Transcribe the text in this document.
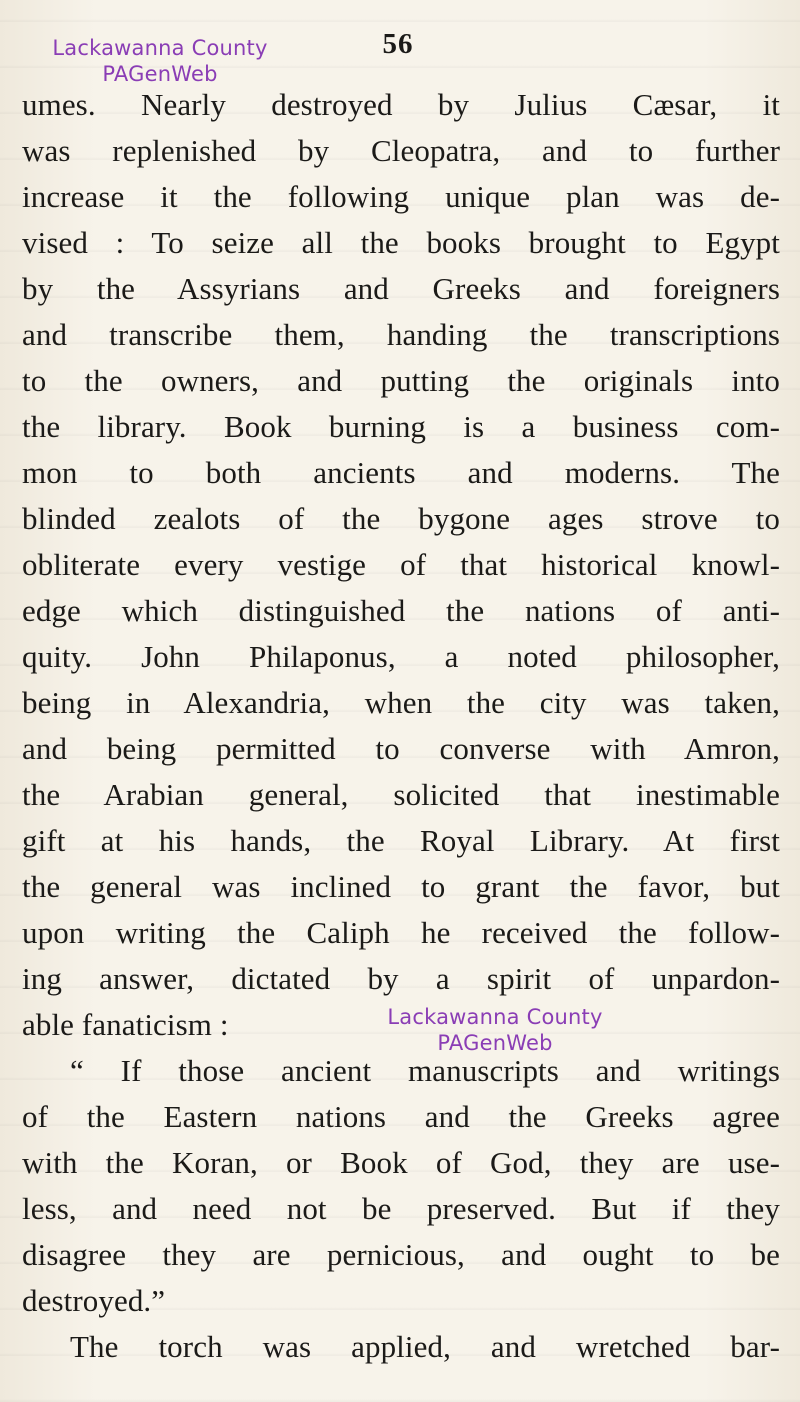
Lackawanna County
PAGenWeb
56
umes. Nearly destroyed by Julius Cæsar, it
was replenished by Cleopatra, and to further
increase it the following unique plan was de-
vised : To seize all the books brought to Egypt
by the Assyrians and Greeks and foreigners
and transcribe them, handing the transcriptions
to the owners, and putting the originals into
the library. Book burning is a business com-
mon to both ancients and moderns. The
blinded zealots of the bygone ages strove to
obliterate every vestige of that historical knowl-
edge which distinguished the nations of anti-
quity. John Philaponus, a noted philosopher,
being in Alexandria, when the city was taken,
and being permitted to converse with Amron,
the Arabian general, solicited that inestimable
gift at his hands, the Royal Library. At first
the general was inclined to grant the favor, but
upon writing the Caliph he received the follow-
ing answer, dictated by a spirit of unpardon-
able fanaticism :
“ If those ancient manuscripts and writings
of the Eastern nations and the Greeks agree
with the Koran, or Book of God, they are use-
less, and need not be preserved. But if they
disagree they are pernicious, and ought to be
destroyed.”
The torch was applied, and wretched bar-
Lackawanna County
PAGenWeb
